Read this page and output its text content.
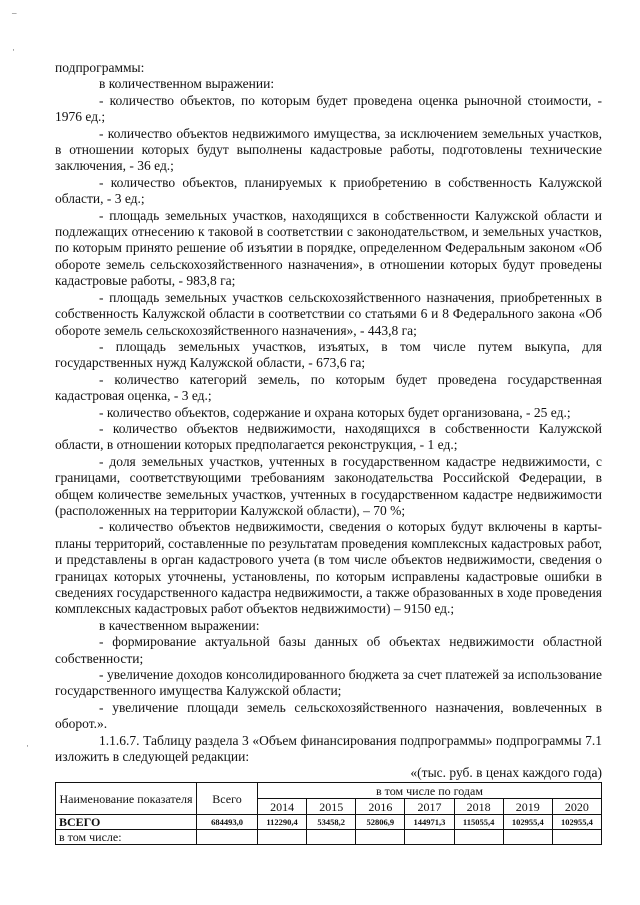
–
·
·

подпрограммы:

в количественном выражении:

- количество объектов, по которым будет проведена оценка рыночной стоимости, - 1976 ед.;

- количество объектов недвижимого имущества, за исключением земельных участков, в отношении которых будут выполнены кадастровые работы, подготовлены технические заключения, - 36 ед.;

- количество объектов, планируемых к приобретению в собственность Калужской области, - 3 ед.;

- площадь земельных участков, находящихся в собственности Калужской области и подлежащих отнесению к таковой в соответствии с законодательством, и земельных участков, по которым принято решение об изъятии в порядке, определенном Федеральным законом «Об обороте земель сельскохозяйственного назначения», в отношении которых будут проведены кадастровые работы, - 983,8 га;

- площадь земельных участков сельскохозяйственного назначения, приобретенных в собственность Калужской области в соответствии со статьями 6 и 8 Федерального закона «Об обороте земель сельскохозяйственного назначения», - 443,8 га;

- площадь земельных участков, изъятых, в том числе путем выкупа, для государственных нужд Калужской области, - 673,6 га;

- количество категорий земель, по которым будет проведена государственная кадастровая оценка, - 3 ед.;

- количество объектов, содержание и охрана которых будет организована, - 25 ед.;

- количество объектов недвижимости, находящихся в собственности Калужской области, в отношении которых предполагается реконструкция, - 1 ед.;

- доля земельных участков, учтенных в государственном кадастре недвижимости, с границами, соответствующими требованиям законодательства Российской Федерации, в общем количестве земельных участков, учтенных в государственном кадастре недвижимости (расположенных на территории Калужской области), – 70 %;

- количество объектов недвижимости, сведения о которых будут включены в карты-планы территорий, составленные по результатам проведения комплексных кадастровых работ, и представлены в орган кадастрового учета (в том числе объектов недвижимости, сведения о границах которых уточнены, установлены, по которым исправлены кадастровые ошибки в сведениях государственного кадастра недвижимости, а также образованных в ходе проведения комплексных кадастровых работ объектов недвижимости) – 9150 ед.;

в качественном выражении:

- формирование актуальной базы данных об объектах недвижимости областной собственности;

- увеличение доходов консолидированного бюджета за счет платежей за использование государственного имущества Калужской области;

- увеличение площади земель сельскохозяйственного назначения, вовлеченных в оборот.».

1.1.6.7. Таблицу раздела 3 «Объем финансирования подпрограммы» подпрограммы 7.1 изложить в следующей редакции:

«(тыс. руб. в ценах каждого года)

Наименование показателя	Всего	в том числе по годам						
		2014	2015	2016	2017	2018	2019	2020
ВСЕГО	684493,0	112290,4	53458,2	52806,9	144971,3	115055,4	102955,4	102955,4
в том числе:								
